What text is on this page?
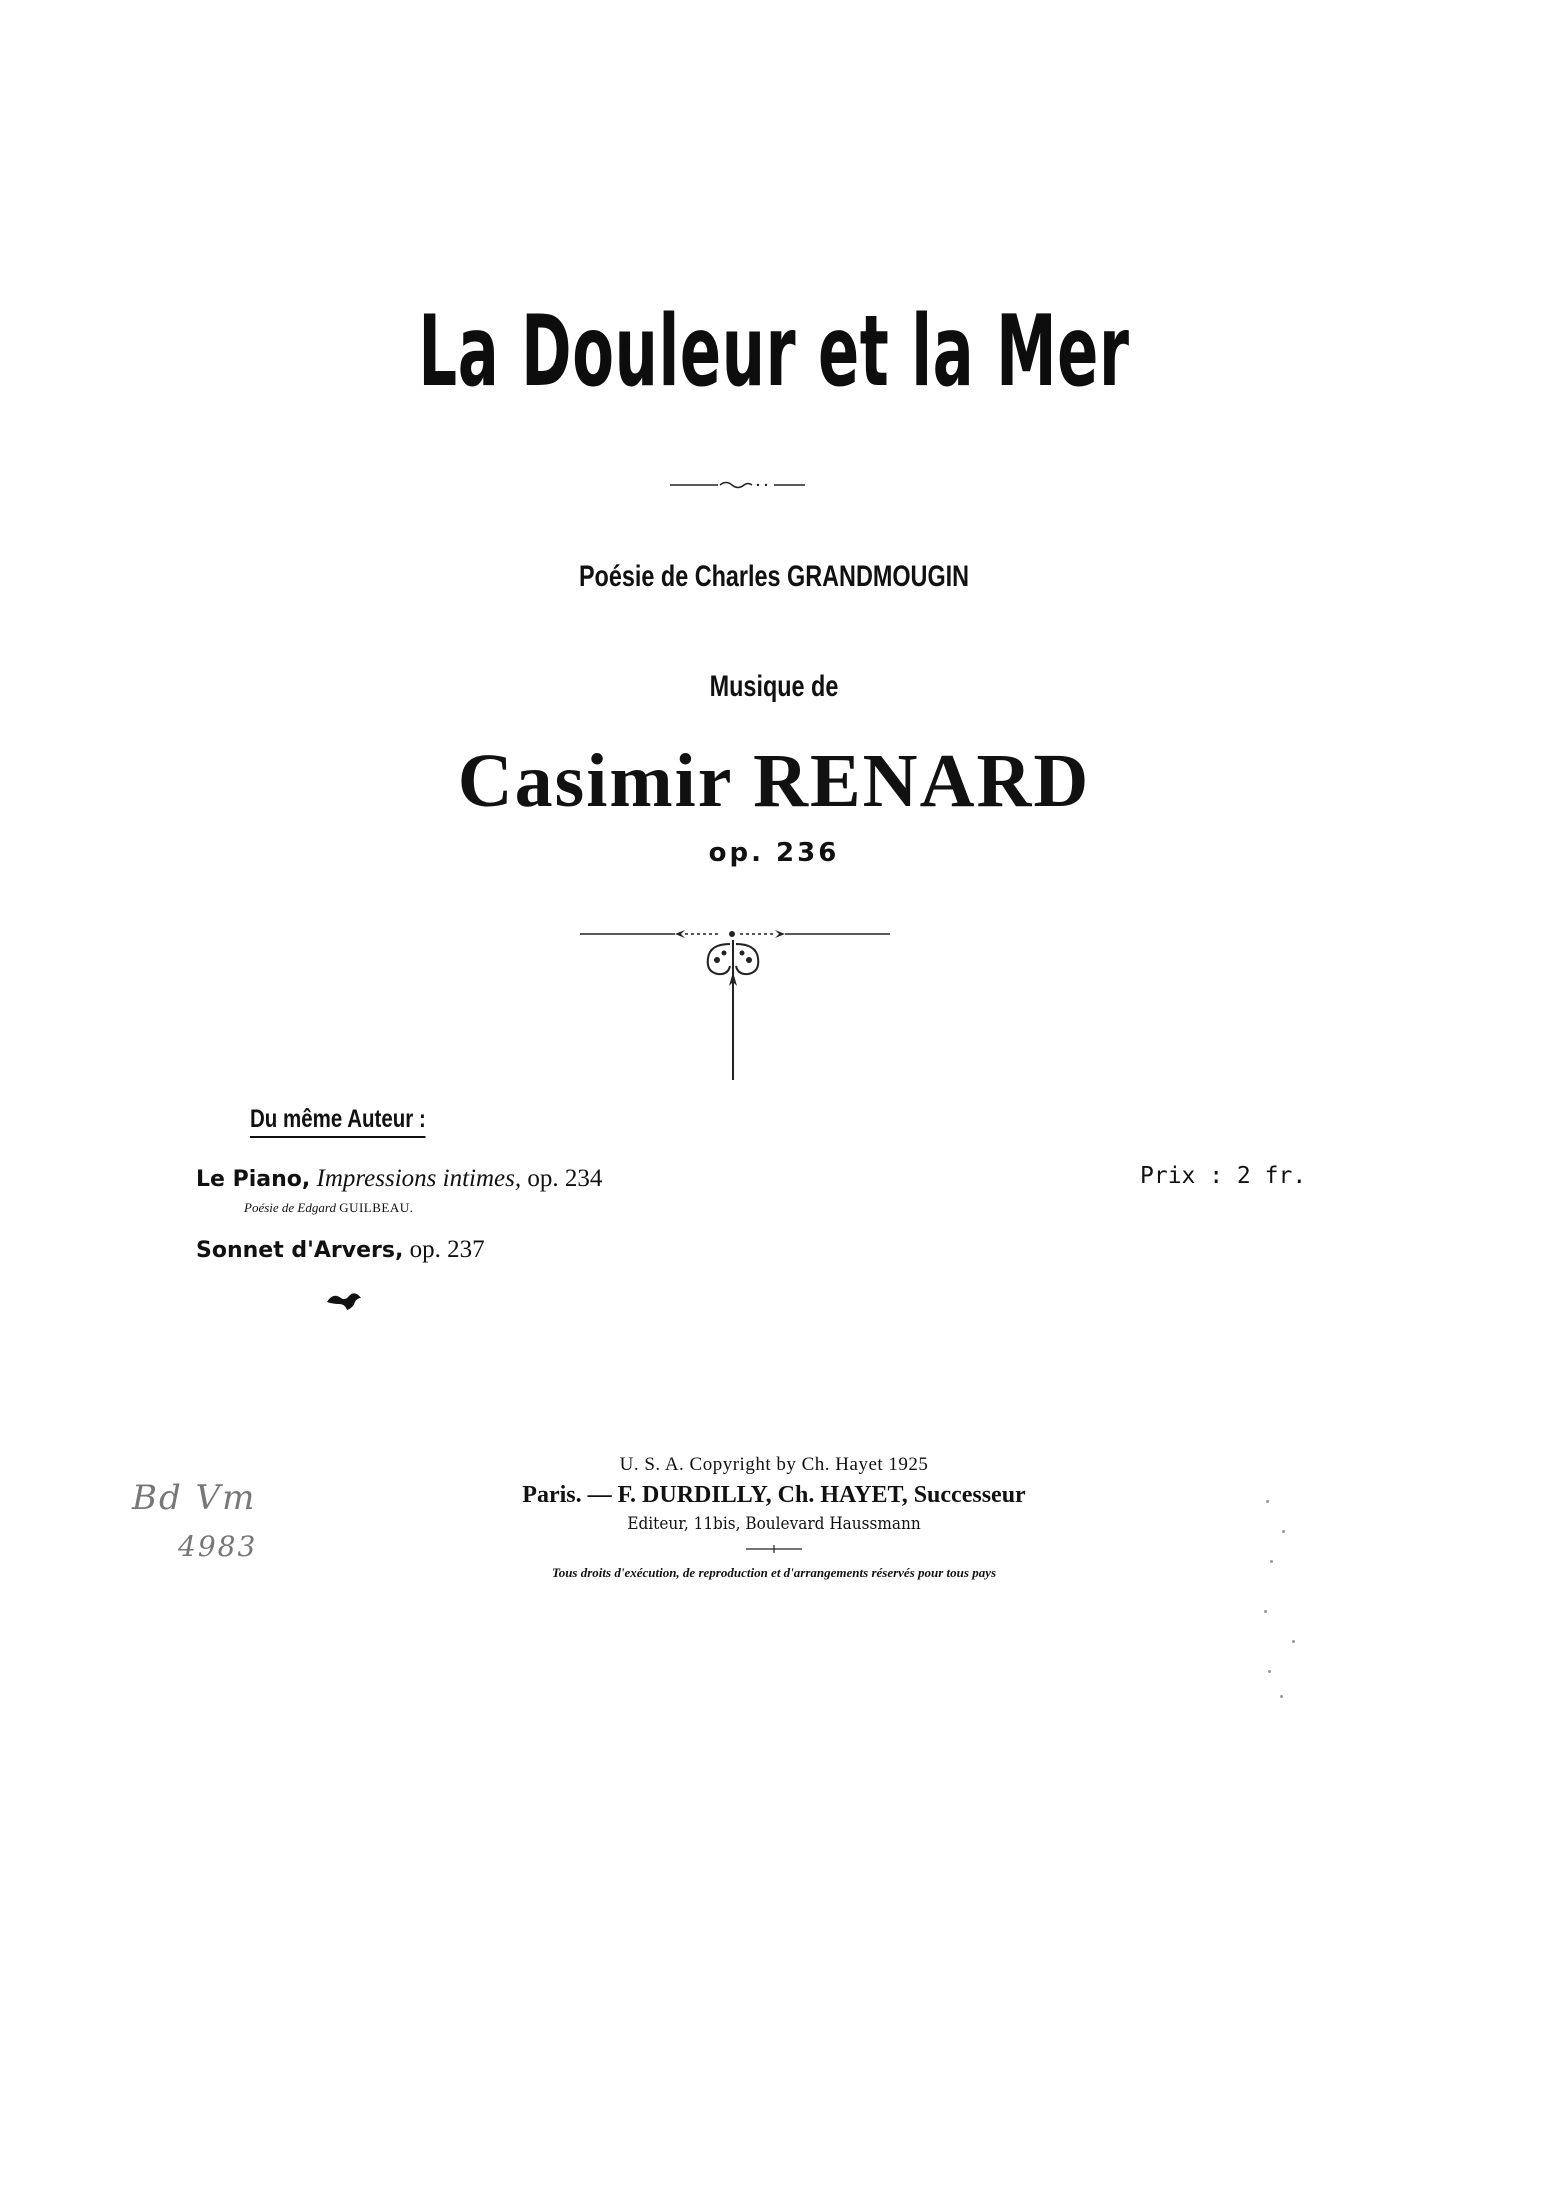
La Douleur et la Mer
Poésie de Charles GRANDMOUGIN
Musique de
Casimir RENARD
op. 236
Du même Auteur :
Le Piano, Impressions intimes, op. 234
Poésie de Edgard GUILBEAU.
Sonnet d'Arvers, op. 237
Prix : 2 fr.
Bd Vm
4983
U. S. A. Copyright by Ch. Hayet 1925
Paris. — F. DURDILLY, Ch. HAYET, Successeur
Editeur, 11bis, Boulevard Haussmann
Tous droits d'exécution, de reproduction et d'arrangements réservés pour tous pays
